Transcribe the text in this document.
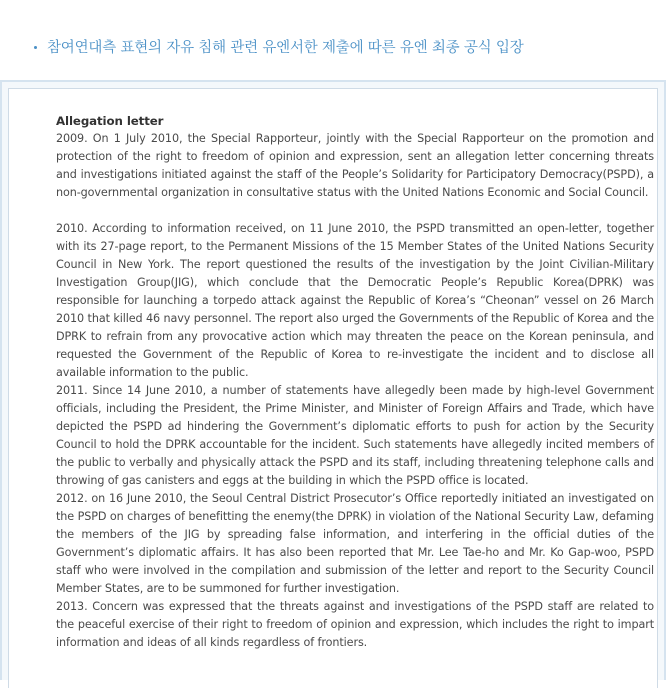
참여연대측 표현의 자유 침해 관련 유엔서한 제출에 따른 유엔 최종 공식 입장

Allegation letter

2009. On 1 July 2010, the Special Rapporteur, jointly with the Special Rapporteur on the promotion and protection of the right to freedom of opinion and expression, sent an allegation letter concerning threats and investigations initiated against the staff of the People’s Solidarity for Participatory Democracy(PSPD), a non-governmental organization in consultative status with the United Nations Economic and Social Council.

2010. According to information received, on 11 June 2010, the PSPD transmitted an open-letter, together with its 27-page report, to the Permanent Missions of the 15 Member States of the United Nations Security Council in New York. The report questioned the results of the investigation by the Joint Civilian-Military Investigation Group(JIG), which conclude that the Democratic People’s Republic Korea(DPRK) was responsible for launching a torpedo attack against the Republic of Korea’s “Cheonan” vessel on 26 March 2010 that killed 46 navy personnel. The report also urged the Governments of the Republic of Korea and the DPRK to refrain from any provocative action which may threaten the peace on the Korean peninsula, and requested the Government of the Republic of Korea to re-investigate the incident and to disclose all available information to the public.

2011. Since 14 June 2010, a number of statements have allegedly been made by high-level Government officials, including the President, the Prime Minister, and Minister of Foreign Affairs and Trade, which have depicted the PSPD ad hindering the Government’s diplomatic efforts to push for action by the Security Council to hold the DPRK accountable for the incident. Such statements have allegedly incited members of the public to verbally and physically attack the PSPD and its staff, including threatening telephone calls and throwing of gas canisters and eggs at the building in which the PSPD office is located.

2012. on 16 June 2010, the Seoul Central District Prosecutor’s Office reportedly initiated an investigated on the PSPD on charges of benefitting the enemy(the DPRK) in violation of the National Security Law, defaming the members of the JIG by spreading false information, and interfering in the official duties of the Government’s diplomatic affairs. It has also been reported that Mr. Lee Tae-ho and Mr. Ko Gap-woo, PSPD staff who were involved in the compilation and submission of the letter and report to the Security Council Member States, are to be summoned for further investigation.

2013. Concern was expressed that the threats against and investigations of the PSPD staff are related to the peaceful exercise of their right to freedom of opinion and expression, which includes the right to impart information and ideas of all kinds regardless of frontiers.
